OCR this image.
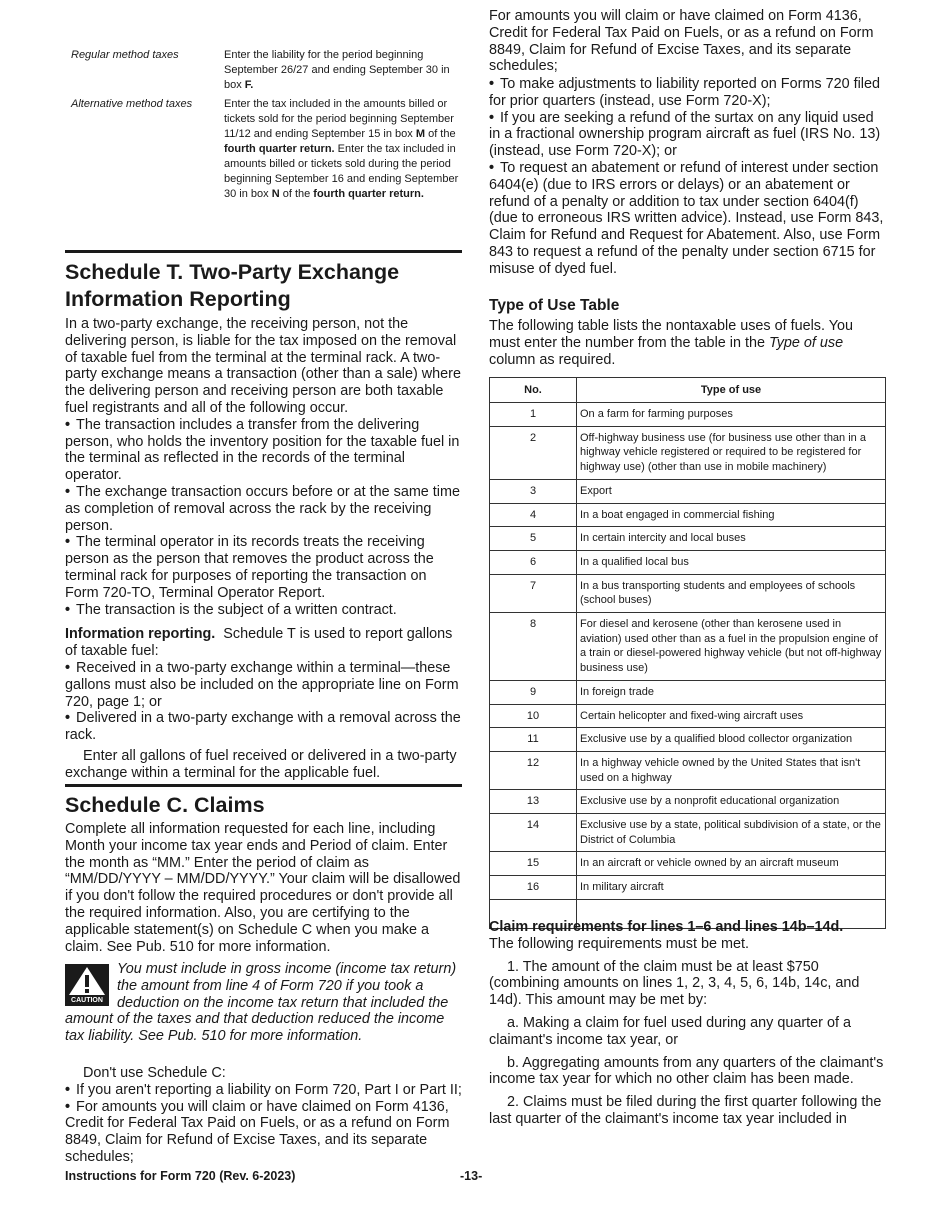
Regular method taxes	Enter the liability for the period beginning September 26/27 and ending September 30 in box F.
Alternative method taxes	Enter the tax included in the amounts billed or tickets sold for the period beginning September 11/12 and ending September 15 in box M of the fourth quarter return. Enter the tax included in amounts billed or tickets sold during the period beginning September 16 and ending September 30 in box N of the fourth quarter return.
Schedule T. Two-Party Exchange
Information Reporting

In a two-party exchange, the receiving person, not the delivering person, is liable for the tax imposed on the removal of taxable fuel from the terminal at the terminal rack. A two-party exchange means a transaction (other than a sale) where the delivering person and receiving person are both taxable fuel registrants and all of the following occur.

• The transaction includes a transfer from the delivering person, who holds the inventory position for the taxable fuel in the terminal as reflected in the records of the terminal operator.

• The exchange transaction occurs before or at the same time as completion of removal across the rack by the receiving person.

• The terminal operator in its records treats the receiving person as the person that removes the product across the terminal rack for purposes of reporting the transaction on Form 720-TO, Terminal Operator Report.

• The transaction is the subject of a written contract.

Information reporting. Schedule T is used to report gallons of taxable fuel:

• Received in a two-party exchange within a terminal—these gallons must also be included on the appropriate line on Form 720, page 1; or

• Delivered in a two-party exchange with a removal across the rack.

Enter all gallons of fuel received or delivered in a two-party exchange within a terminal for the applicable fuel.

Schedule C. Claims

Complete all information requested for each line, including Month your income tax year ends and Period of claim. Enter the month as “MM.” Enter the period of claim as “MM/DD/YYYY – MM/DD/YYYY.” Your claim will be disallowed if you don't follow the required procedures or don't provide all the required information. Also, you are certifying to the applicable statement(s) on Schedule C when you make a claim. See Pub. 510 for more information.

CAUTION
You must include in gross income (income tax return) the amount from line 4 of Form 720 if you took a deduction on the income tax return that included the amount of the taxes and that deduction reduced the income tax liability. See Pub. 510 for more information.

Don't use Schedule C:

• If you aren't reporting a liability on Form 720, Part I or Part II;

• For amounts you will claim or have claimed on Form 4136, Credit for Federal Tax Paid on Fuels, or as a refund on Form 8849, Claim for Refund of Excise Taxes, and its separate schedules;

For amounts you will claim or have claimed on Form 4136, Credit for Federal Tax Paid on Fuels, or as a refund on Form 8849, Claim for Refund of Excise Taxes, and its separate schedules;

• To make adjustments to liability reported on Forms 720 filed for prior quarters (instead, use Form 720-X);

• If you are seeking a refund of the surtax on any liquid used in a fractional ownership program aircraft as fuel (IRS No. 13) (instead, use Form 720-X); or

• To request an abatement or refund of interest under section 6404(e) (due to IRS errors or delays) or an abatement or refund of a penalty or addition to tax under section 6404(f) (due to erroneous IRS written advice). Instead, use Form 843, Claim for Refund and Request for Abatement. Also, use Form 843 to request a refund of the penalty under section 6715 for misuse of dyed fuel.

Type of Use Table

The following table lists the nontaxable uses of fuels. You must enter the number from the table in the Type of use column as required.

No.	Type of use
1	On a farm for farming purposes
2	Off-highway business use (for business use other than in a highway vehicle registered or required to be registered for highway use) (other than use in mobile machinery)
3	Export
4	In a boat engaged in commercial fishing
5	In certain intercity and local buses
6	In a qualified local bus
7	In a bus transporting students and employees of schools (school buses)
8	For diesel and kerosene (other than kerosene used in aviation) used other than as a fuel in the propulsion engine of a train or diesel-powered highway vehicle (but not off-highway business use)
9	In foreign trade
10	Certain helicopter and fixed-wing aircraft uses
11	Exclusive use by a qualified blood collector organization
12	In a highway vehicle owned by the United States that isn't used on a highway
13	Exclusive use by a nonprofit educational organization
14	Exclusive use by a state, political subdivision of a state, or the District of Columbia
15	In an aircraft or vehicle owned by an aircraft museum
16	In military aircraft

Claim requirements for lines 1–6 and lines 14b–14d.

The following requirements must be met.

1. The amount of the claim must be at least $750 (combining amounts on lines 1, 2, 3, 4, 5, 6, 14b, 14c, and 14d). This amount may be met by:

a. Making a claim for fuel used during any quarter of a claimant's income tax year, or

b. Aggregating amounts from any quarters of the claimant's income tax year for which no other claim has been made.

2. Claims must be filed during the first quarter following the last quarter of the claimant's income tax year included in

Instructions for Form 720 (Rev. 6-2023)	-13-
